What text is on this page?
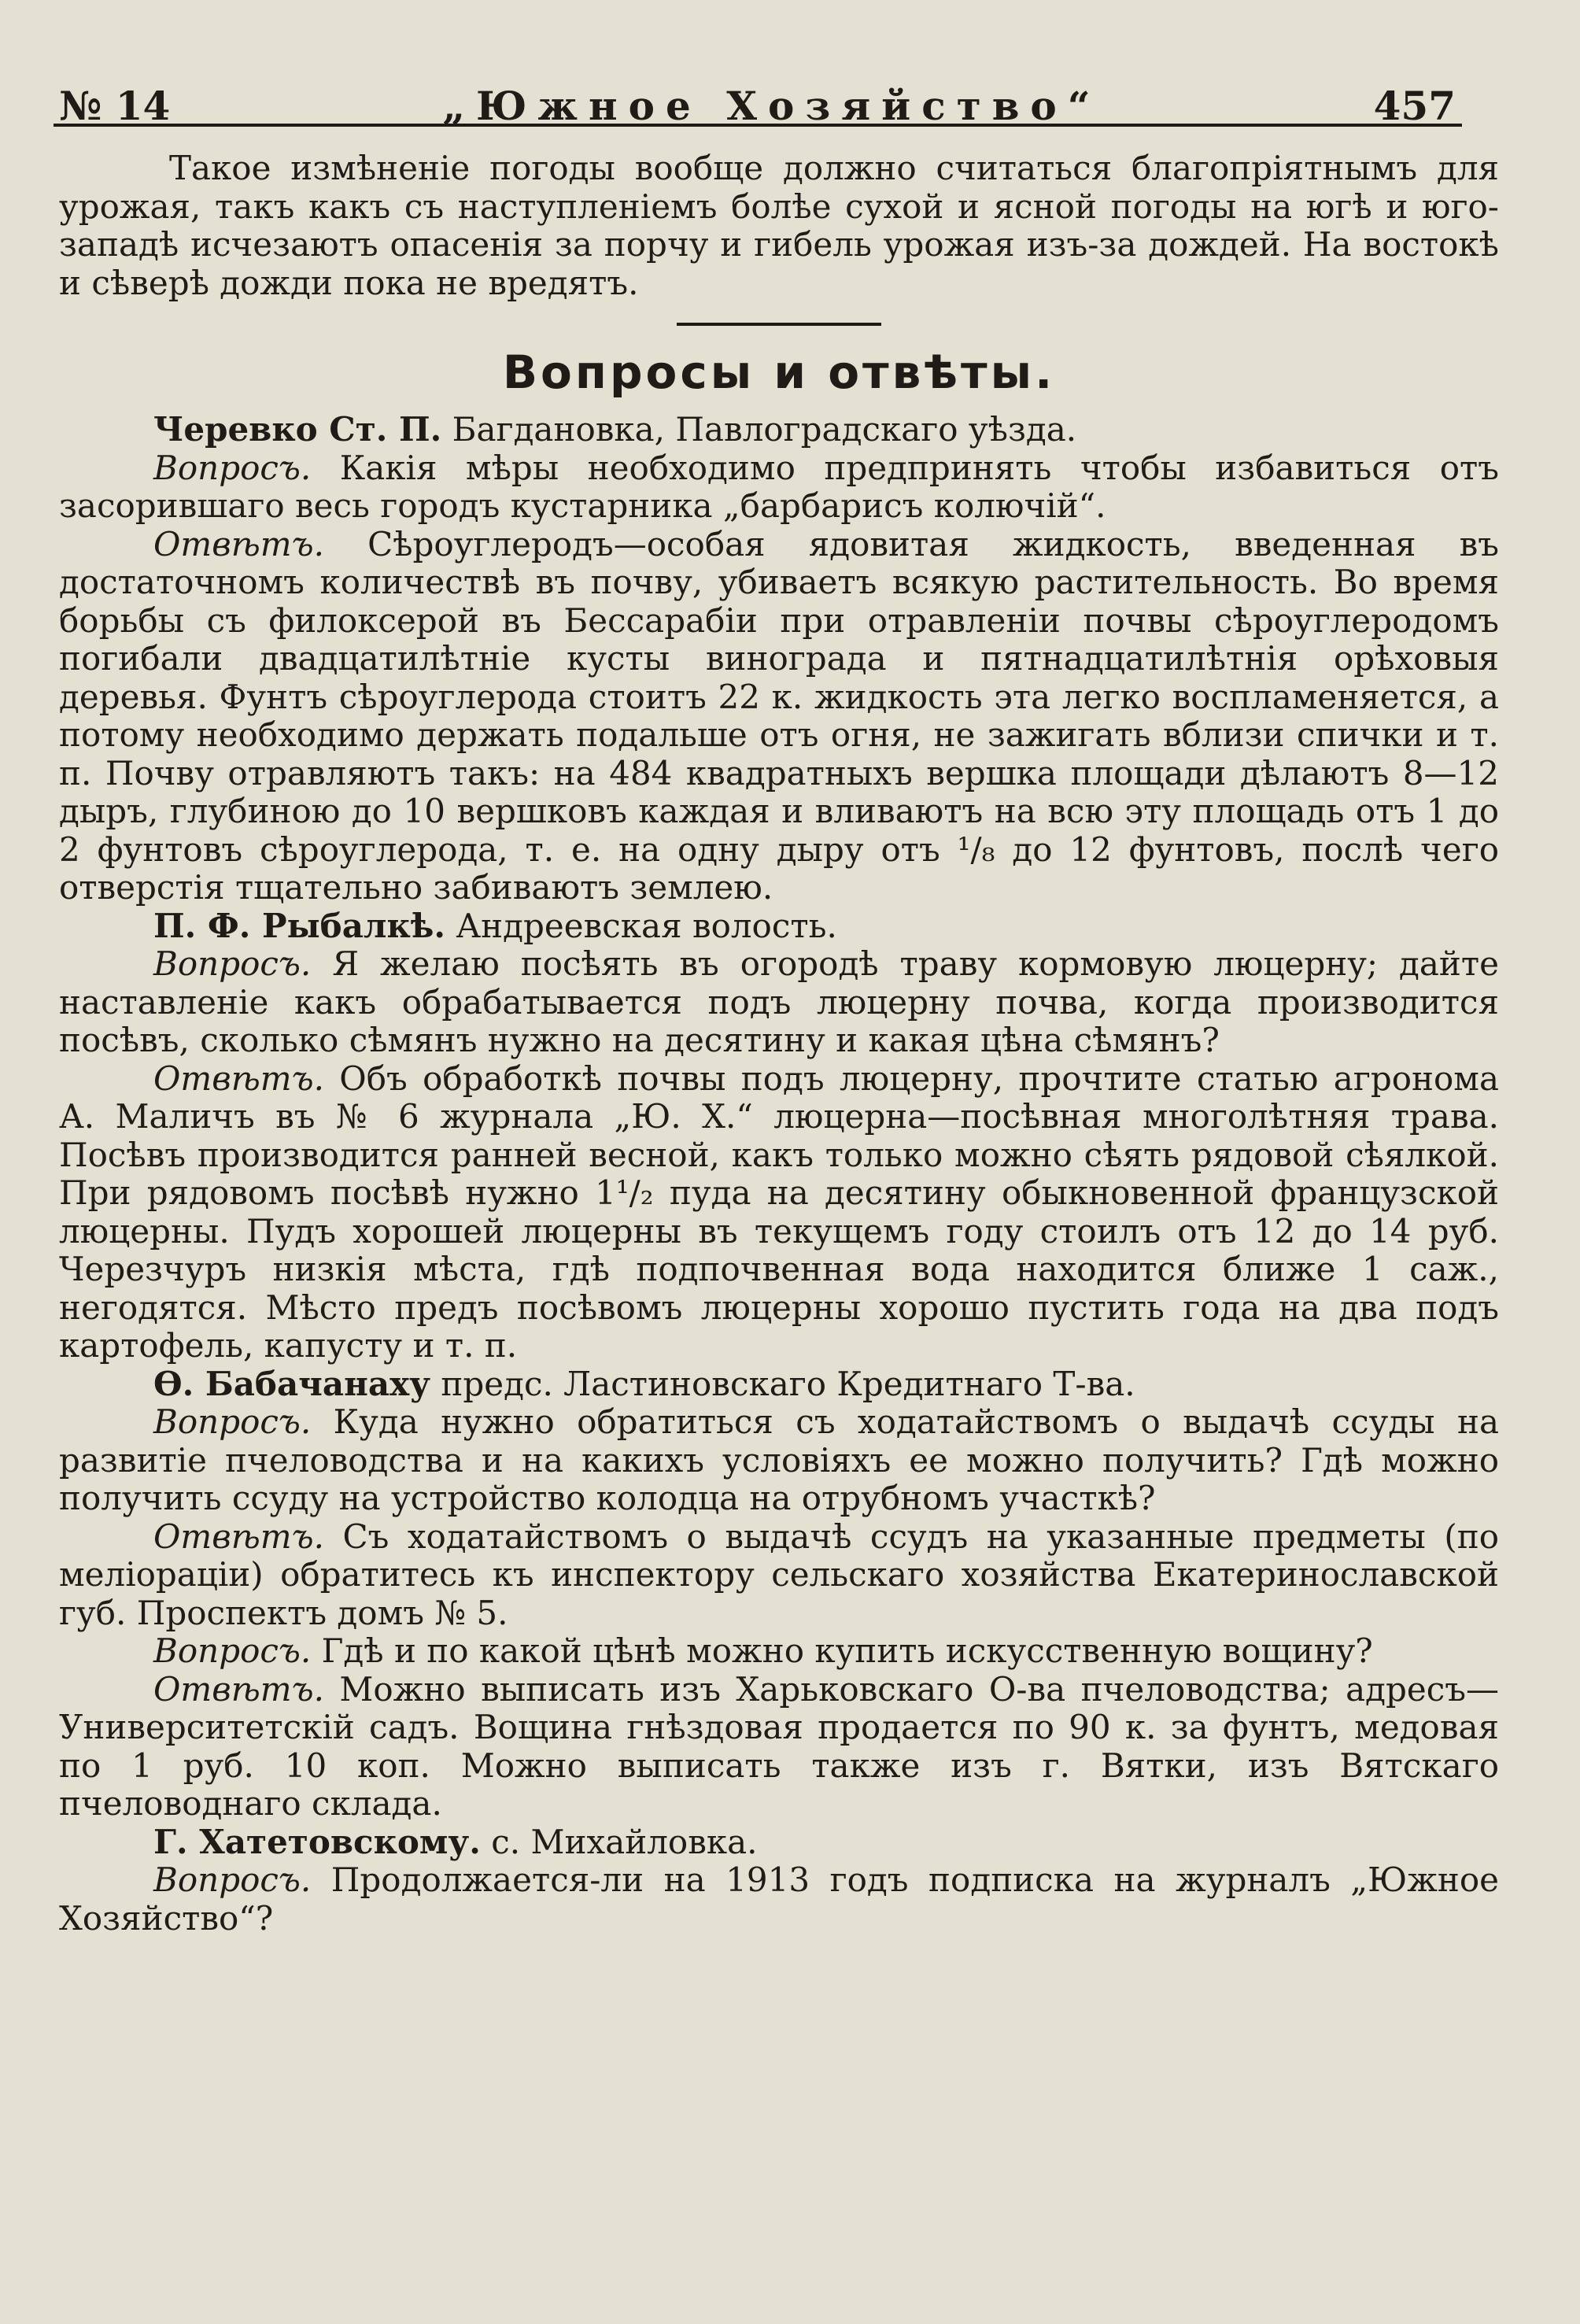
№ 14	„Южное Хозяйство“	457

Такое измѣненіе погоды вообще должно считаться благопріятнымъ для урожая, такъ какъ съ наступленіемъ болѣе сухой и ясной погоды на югѣ и юго-западѣ исчезаютъ опасенія за порчу и гибель урожая изъ-за дождей. На востокѣ и сѣверѣ дожди пока не вредятъ.

Вопросы и отвѣты.

Черевко Ст. П. Багдановка, Павлоградскаго уѣзда.

Вопросъ. Какія мѣры необходимо предпринять чтобы избавиться отъ засорившаго весь городъ кустарника „барбарисъ колючій“.

Отвѣтъ. Сѣроуглеродъ—особая ядовитая жидкость, введенная въ достаточномъ количествѣ въ почву, убиваетъ всякую растительность. Во время борьбы съ филоксерой въ Бессарабіи при отравленіи почвы сѣроуглеродомъ погибали двадцатилѣтніе кусты винограда и пятнадцатилѣтнія орѣховыя деревья. Фунтъ сѣроуглерода стоитъ 22 к. жидкость эта легко воспламеняется, а потому необходимо держать подальше отъ огня, не зажигать вблизи спички и т. п. Почву отравляютъ такъ: на 484 квадратныхъ вершка площади дѣлаютъ 8—12 дыръ, глубиною до 10 вершковъ каждая и вливаютъ на всю эту площадь отъ 1 до 2 фунтовъ сѣроуглерода, т. е. на одну дыру отъ ¹/₈ до 12 фунтовъ, послѣ чего отверстія тщательно забиваютъ землею.

П. Ф. Рыбалкѣ. Андреевская волость.

Вопросъ. Я желаю посѣять въ огородѣ траву кормовую люцерну; дайте наставленіе какъ обрабатывается подъ люцерну почва, когда производится посѣвъ, сколько сѣмянъ нужно на десятину и какая цѣна сѣмянъ?

Отвѣтъ. Объ обработкѣ почвы подъ люцерну, прочтите статью агронома А. Маличъ въ № 6 журнала „Ю. Х.“ люцерна—посѣвная многолѣтняя трава. Посѣвъ производится ранней весной, какъ только можно сѣять рядовой сѣялкой. При рядовомъ посѣвѣ нужно 1¹/₂ пуда на десятину обыкновенной французской люцерны. Пудъ хорошей люцерны въ текущемъ году стоилъ отъ 12 до 14 руб. Черезчуръ низкія мѣста, гдѣ подпочвенная вода находится ближе 1 саж., негодятся. Мѣсто предъ посѣвомъ люцерны хорошо пустить года на два подъ картофель, капусту и т. п.

Ѳ. Бабачанаху предс. Ластиновскаго Кредитнаго Т-ва.

Вопросъ. Куда нужно обратиться съ ходатайствомъ о выдачѣ ссуды на развитіе пчеловодства и на какихъ условіяхъ ее можно получить? Гдѣ можно получить ссуду на устройство колодца на отрубномъ участкѣ?

Отвѣтъ. Съ ходатайствомъ о выдачѣ ссудъ на указанные предметы (по меліораціи) обратитесь къ инспектору сельскаго хозяйства Екатеринославской губ. Проспектъ домъ № 5.

Вопросъ. Гдѣ и по какой цѣнѣ можно купить искусственную вощину?

Отвѣтъ. Можно выписать изъ Харьковскаго О-ва пчеловодства; адресъ—Университетскій садъ. Вощина гнѣздовая продается по 90 к. за фунтъ, медовая по 1 руб. 10 коп. Можно выписать также изъ г. Вятки, изъ Вятскаго пчеловоднаго склада.

Г. Хатетовскому. с. Михайловка.

Вопросъ. Продолжается-ли на 1913 годъ подписка на журналъ „Южное Хозяйство“?
